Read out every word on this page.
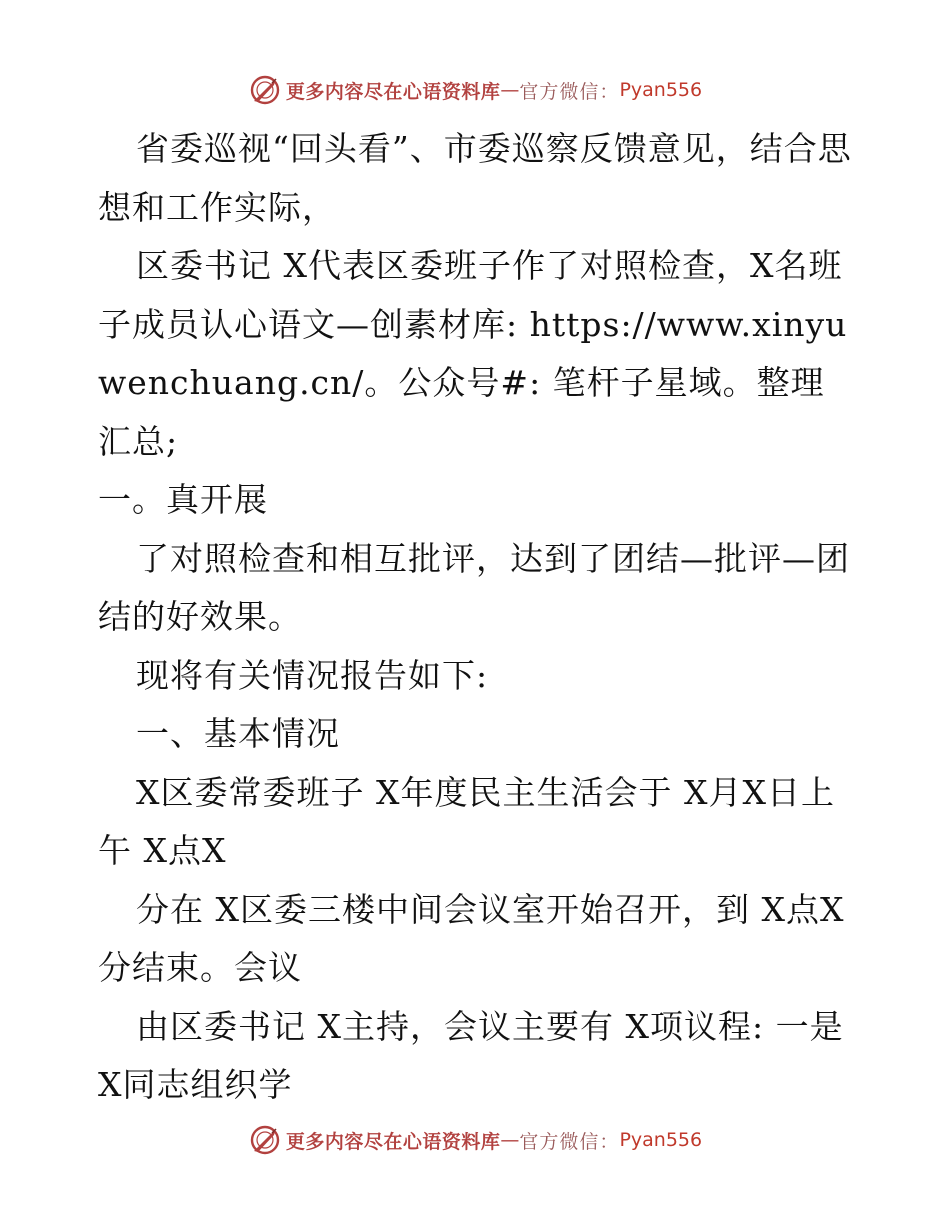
更多内容尽在心语资料库 — 官方微信： Pyan556

省委巡视“回头看”、市委巡察反馈意见，结合思想和工作实际，

区委书记 X代表区委班子作了对照检查，X名班子成员认心语文—创素材库: https://www.xinyuwenchuang.cn/。公众号#: 笔杆子星域。整理汇总;

一。真开展

了对照检查和相互批评，达到了团结—批评—团结的好效果。

现将有关情况报告如下:

一、基本情况

X区委常委班子 X年度民主生活会于 X月X日上午 X点X

分在 X区委三楼中间会议室开始召开，到 X点X分结束。会议

由区委书记 X主持，会议主要有 X项议程: 一是 X同志组织学

更多内容尽在心语资料库 — 官方微信： Pyan556
